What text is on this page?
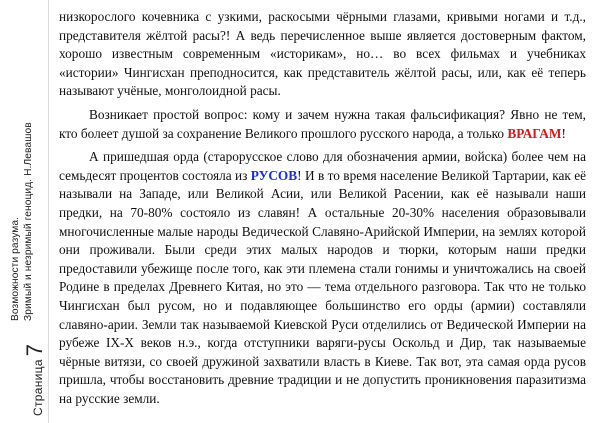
Страница
7
Возможности разума. Зримый и незримый геноцид. Н.Левашов

низкорослого кочевника с узкими, раскосыми чёрными глазами, кривыми ногами и т.д., представителя жёлтой расы?! А ведь перечисленное выше является достоверным фактом, хорошо известным современным «историкам», но… во всех фильмах и учебниках «истории» Чингисхан преподносится, как представитель жёлтой расы, или, как её теперь называют учёные, монголоидной расы.

Возникает простой вопрос: кому и зачем нужна такая фальсификация? Явно не тем, кто болеет душой за сохранение Великого прошлого русского народа, а только ВРАГАМ!

А пришедшая орда (старорусское слово для обозначения армии, войска) более чем на семьдесят процентов состояла из РУСОВ! И в то время население Великой Тартарии, как её называли на Западе, или Великой Асии, или Великой Расении, как её называли наши предки, на 70-80% состояло из славян! А остальные 20-30% населения образовывали многочисленные малые народы Ведической Славяно-Арийской Империи, на землях которой они проживали. Были среди этих малых народов и тюрки, которым наши предки предоставили убежище после того, как эти племена стали гонимы и уничтожались на своей Родине в пределах Древнего Китая, но это — тема отдельного разговора. Так что не только Чингисхан был русом, но и подавляющее большинство его орды (армии) составляли славяно-арии. Земли так называемой Киевской Руси отделились от Ведической Империи на рубеже IX-X веков н.э., когда отступники варяги-русы Оскольд и Дир, так называемые чёрные витязи, со своей дружиной захватили власть в Киеве. Так вот, эта самая орда русов пришла, чтобы восстановить древние традиции и не допустить проникновения паразитизма на русские земли.
